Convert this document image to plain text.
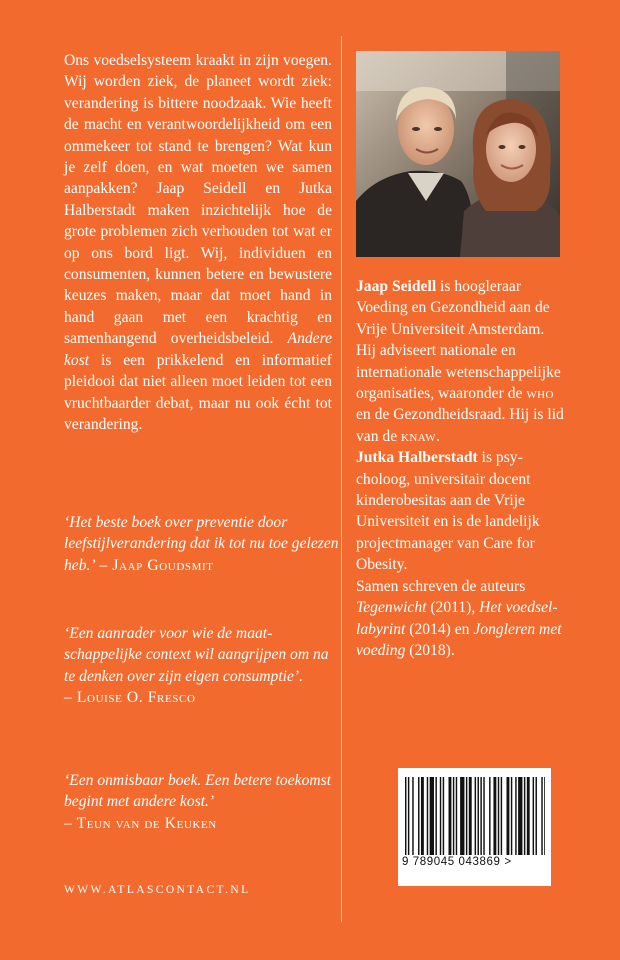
Ons voedselsysteem kraakt in zijn voegen. Wij worden ziek, de planeet wordt ziek: verandering is bittere noodzaak. Wie heeft de macht en verantwoordelijkheid om een ommekeer tot stand te brengen? Wat kun je zelf doen, en wat moeten we samen aanpakken? Jaap Seidell en Jutka Halberstadt maken inzichtelijk hoe de grote problemen zich verhouden tot wat er op ons bord ligt. Wij, individuen en consumenten, kunnen betere en bewustere keuzes maken, maar dat moet hand in hand gaan met een krachtig en samenhangend overheidsbeleid. Andere kost is een prikkelend en informatief pleidooi dat niet alleen moet leiden tot een vruchtbaarder debat, maar nu ook écht tot verandering.

‘Het beste boek over preventie door leefstijlverandering dat ik tot nu toe gelezen heb.’ – Jaap Goudsmit

‘Een aanrader voor wie de maatschappelijke context wil aangrijpen om na te denken over zijn eigen consumptie’.
– Louise O. Fresco

‘Een onmisbaar boek. Een betere toekomst begint met andere kost.’
– Teun van de Keuken

WWW.ATLASCONTACT.NL

Jaap Seidell is hoogleraar Voeding en Gezondheid aan de Vrije Universiteit Amsterdam. Hij adviseert nationale en internationale wetenschappelijke organisaties, waaronder de who en de Gezondheidsraad. Hij is lid van de knaw.
Jutka Halberstadt is psycholoog, universitair docent kinderobesitas aan de Vrije Universiteit en is de landelijk projectmanager van Care for Obesity.
Samen schreven de auteurs Tegenwicht (2011), Het voedsellabyrint (2014) en Jongleren met voeding (2018).

9 789045 043869 >
